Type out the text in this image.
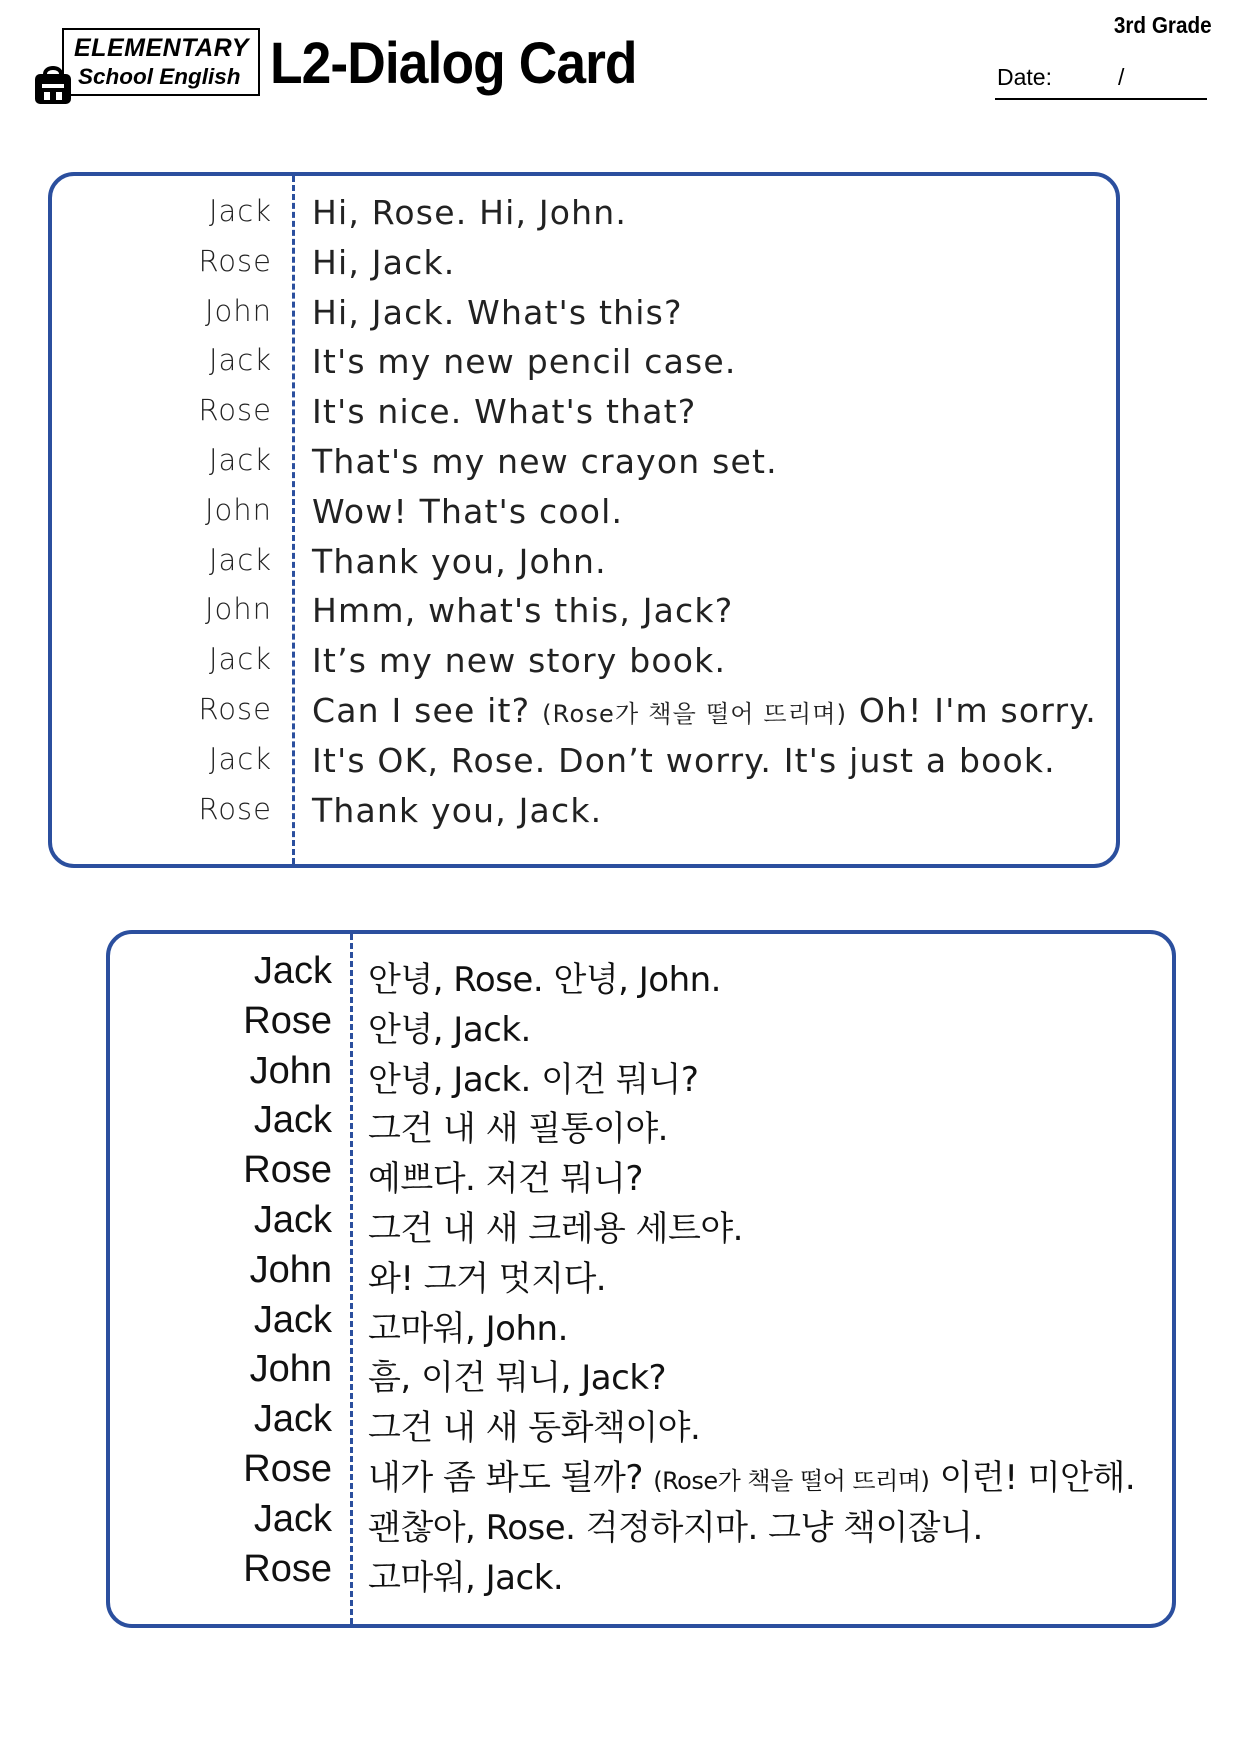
ELEMENTARY
School English L2-Dialog Card
3rd Grade
Date:	/
Jack Hi, Rose. Hi, John.
Rose Hi, Jack.
John Hi, Jack. What's this?
Jack It's my new pencil case.
Rose It's nice. What's that?
Jack That's my new crayon set.
John Wow! That's cool.
Jack Thank you, John.
John Hmm, what's this, Jack?
Jack It’s my new story book.
Rose Can I see it? (Rose가 책을 떨어 뜨리며) Oh! I'm sorry.
Jack It's OK, Rose. Don’t worry. It's just a book.
Rose Thank you, Jack.
Jack 안녕, Rose. 안녕, John.
Rose 안녕, Jack.
John 안녕, Jack. 이건 뭐니?
Jack 그건 내 새 필통이야.
Rose 예쁘다. 저건 뭐니?
Jack 그건 내 새 크레용 세트야.
John 와! 그거 멋지다.
Jack 고마워, John.
John 흠, 이건 뭐니, Jack?
Jack 그건 내 새 동화책이야.
Rose 내가 좀 봐도 될까? (Rose가 책을 떨어 뜨리며) 이런! 미안해.
Jack 괜찮아, Rose. 걱정하지마. 그냥 책이잖니.
Rose 고마워, Jack.
